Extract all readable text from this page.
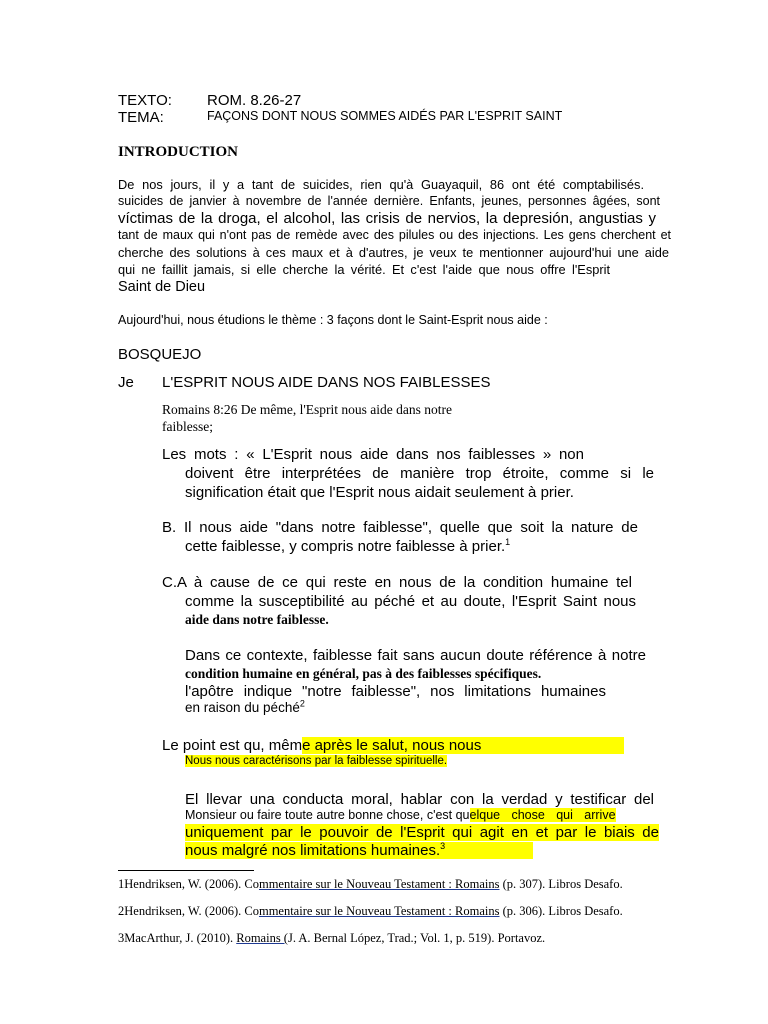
TEXTO: ROM. 8.26-27
TEMA:	FAÇONS DONT NOUS SOMMES AIDÉS PAR L'ESPRIT SAINT
INTRODUCTION
De nos jours, il y a tant de suicides, rien qu'à Guayaquil, 86 ont été comptabilisés.
suicides de janvier à novembre de l'année dernière. Enfants, jeunes, personnes âgées, sont
víctimas de la droga, el alcohol, las crisis de nervios, la depresión, angustias y
tant de maux qui n'ont pas de remède avec des pilules ou des injections. Les gens cherchent et
cherche des solutions à ces maux et à d'autres, je veux te mentionner aujourd'hui une aide
qui ne faillit jamais, si elle cherche la vérité. Et c'est l'aide que nous offre l'Esprit
Saint de Dieu
Aujourd'hui, nous étudions le thème : 3 façons dont le Saint-Esprit nous aide :
BOSQUEJO
Je L'ESPRIT NOUS AIDE DANS NOS FAIBLESSES
Romains 8:26 De même, l'Esprit nous aide dans notre
faiblesse;
Les mots : « L'Esprit nous aide dans nos faiblesses » non
doivent être interprétées de manière trop étroite, comme si le
signification était que l'Esprit nous aidait seulement à prier.
B. Il nous aide "dans notre faiblesse", quelle que soit la nature de
cette faiblesse, y compris notre faiblesse à prier.$^1$
C.A à cause de ce qui reste en nous de la condition humaine tel
comme la susceptibilité au péché et au doute, l'Esprit Saint nous
aide dans notre faiblesse.
Dans ce contexte, faiblesse fait sans aucun doute référence à notre
condition humaine en général, pas à des faiblesses spécifiques.
l'apôtre indique "notre faiblesse", nos limitations humaines
en raison du péché$^2$
Le point est qu, même après le salut, nous nous
Nous nous caractérisons par la faiblesse spirituelle.
El llevar una conducta moral, hablar con la verdad y testificar del
Monsieur ou faire toute autre bonne chose, c'est quelque chose qui arrive
uniquement par le pouvoir de l'Esprit qui agit en et par le biais de
nous malgré nos limitations humaines.$^3$
1Hendriksen, W. (2006). Commentaire sur le Nouveau Testament : Romains (p. 307). Libros Desafo.
2Hendriksen, W. (2006). Commentaire sur le Nouveau Testament : Romains (p. 306). Libros Desafo.
3MacArthur, J. (2010). Romains (J. A. Bernal López, Trad.; Vol. 1, p. 519). Portavoz.
